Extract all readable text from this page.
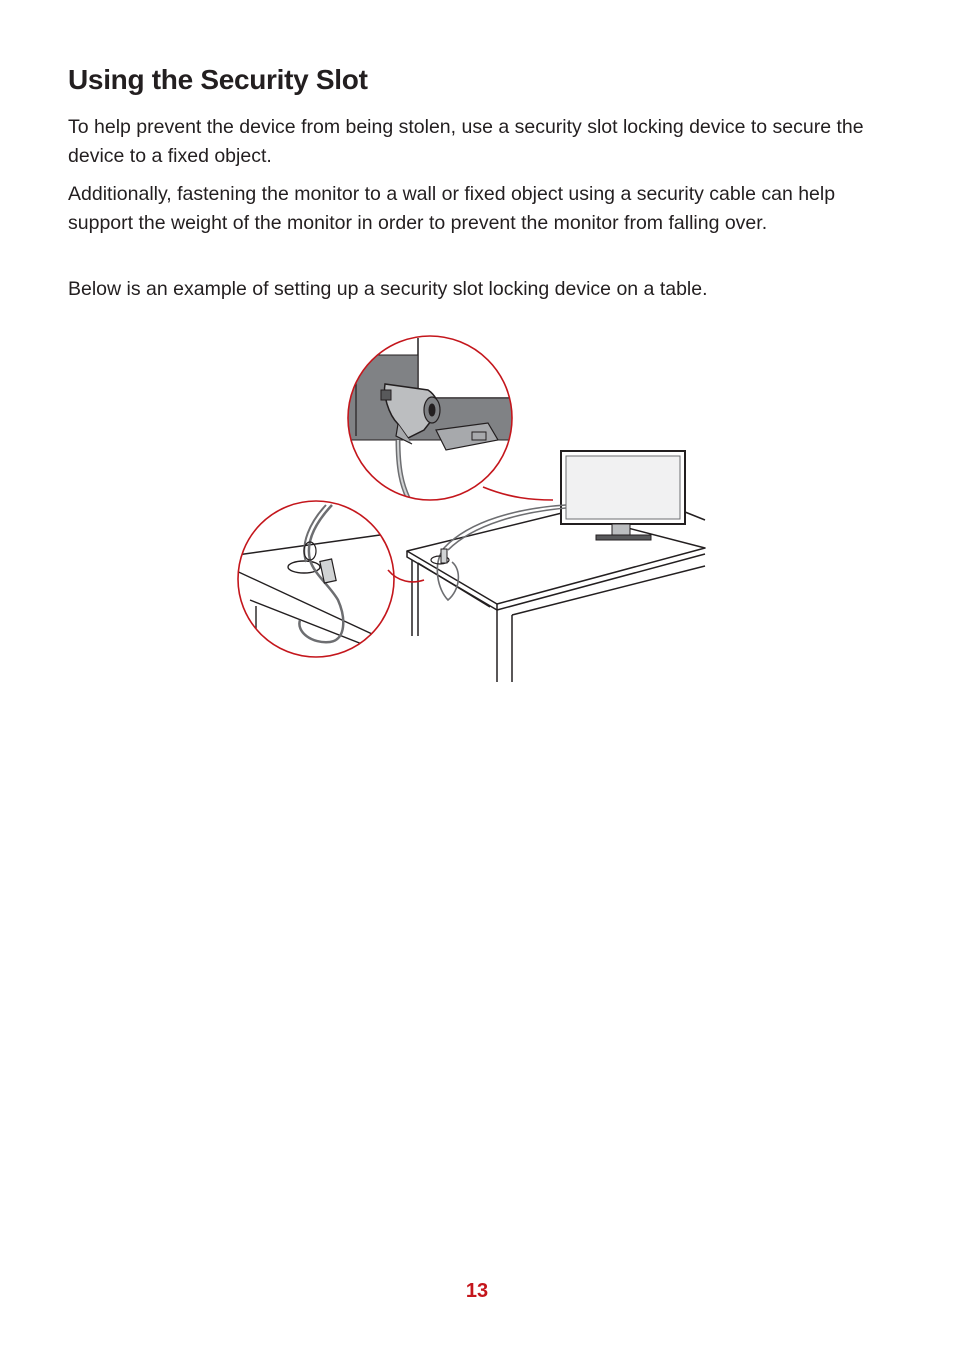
Using the Security Slot

To help prevent the device from being stolen, use a security slot locking device to secure the device to a fixed object.

Additionally, fastening the monitor to a wall or fixed object using a security cable can help support the weight of the monitor in order to prevent the monitor from falling over.

Below is an example of setting up a security slot locking device on a table.

13
